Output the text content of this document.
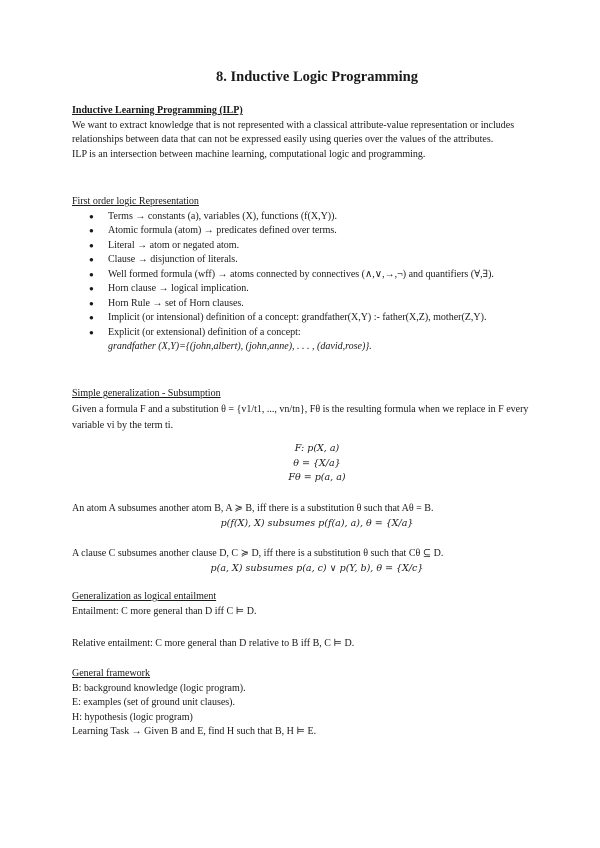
8. Inductive Logic Programming
Inductive Learning Programming (ILP)

We want to extract knowledge that is not represented with a classical attribute-value representation or includes relationships between data that can not be expressed easily using queries over the values of the attributes.

ILP is an intersection between machine learning, computational logic and programming.

First order logic Representation
● Terms → constants (a), variables (X), functions (f(X,Y)).
● Atomic formula (atom) → predicates defined over terms.
● Literal → atom or negated atom.
● Clause → disjunction of literals.
● Well formed formula (wff) → atoms connected by connectives (∧,∨,→,¬) and quantifiers (∀,∃).
● Horn clause → logical implication.
● Horn Rule → set of Horn clauses.
● Implicit (or intensional) definition of a concept: grandfather(X,Y) :- father(X,Z), mother(Z,Y).
● Explicit (or extensional) definition of a concept:
grandfather (X,Y)={(john,albert), (john,anne), . . . , (david,rose)}.
Simple generalization - Subsumption

Given a formula F and a substitution θ = {v1/t1, ..., vn/tn}, Fθ is the resulting formula when we replace in F every variable vi by the term ti.

F: p(X, a)
θ = {X/a}
Fθ = p(a, a)

An atom A subsumes another atom B, A ≽ B, iff there is a substitution θ such that Aθ = B.

p(f(X), X) subsumes p(f(a), a), θ = {X/a}

A clause C subsumes another clause D, C ≽ D, iff there is a substitution θ such that Cθ ⊆ D.

p(a, X) subsumes p(a, c) ∨ p(Y, b), θ = {X/c}
Generalization as logical entailment

Entailment: C more general than D iff C ⊨ D.

Relative entailment: C more general than D relative to B iff B, C ⊨ D.

General framework

B: background knowledge (logic program).

E: examples (set of ground unit clauses).

H: hypothesis (logic program)

Learning Task → Given B and E, find H such that B, H ⊨ E.
